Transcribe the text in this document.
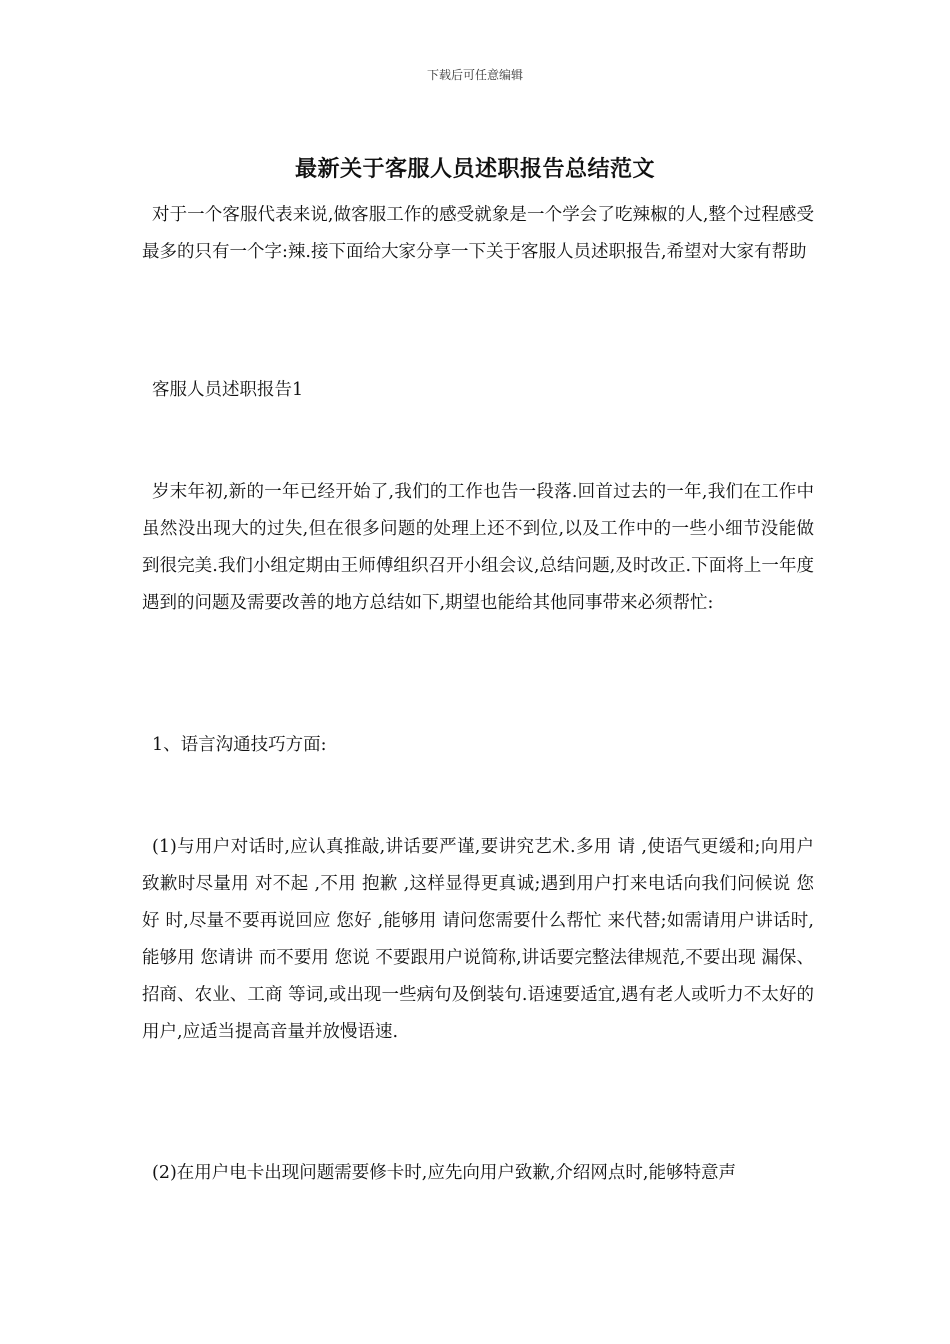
下载后可任意编辑
最新关于客服人员述职报告总结范文
对于一个客服代表来说,做客服工作的感受就象是一个学会了吃辣椒的人,整个过程感受最多的只有一个字:辣.接下面给大家分享一下关于客服人员述职报告,希望对大家有帮助
客服人员述职报告1
岁末年初,新的一年已经开始了,我们的工作也告一段落.回首过去的一年,我们在工作中虽然没出现大的过失,但在很多问题的处理上还不到位,以及工作中的一些小细节没能做到很完美.我们小组定期由王师傅组织召开小组会议,总结问题,及时改正.下面将上一年度遇到的问题及需要改善的地方总结如下,期望也能给其他同事带来必须帮忙:
1、语言沟通技巧方面:
(1)与用户对话时,应认真推敲,讲话要严谨,要讲究艺术.多用 请 ,使语气更缓和;向用户致歉时尽量用 对不起 ,不用 抱歉 ,这样显得更真诚;遇到用户打来电话向我们问候说 您好 时,尽量不要再说回应 您好 ,能够用 请问您需要什么帮忙 来代替;如需请用户讲话时,能够用 您请讲 而不要用 您说 不要跟用户说简称,讲话要完整法律规范,不要出现 漏保、招商、农业、工商 等词,或出现一些病句及倒装句.语速要适宜,遇有老人或听力不太好的用户,应适当提高音量并放慢语速.
(2)在用户电卡出现问题需要修卡时,应先向用户致歉,介绍网点时,能够特意声
